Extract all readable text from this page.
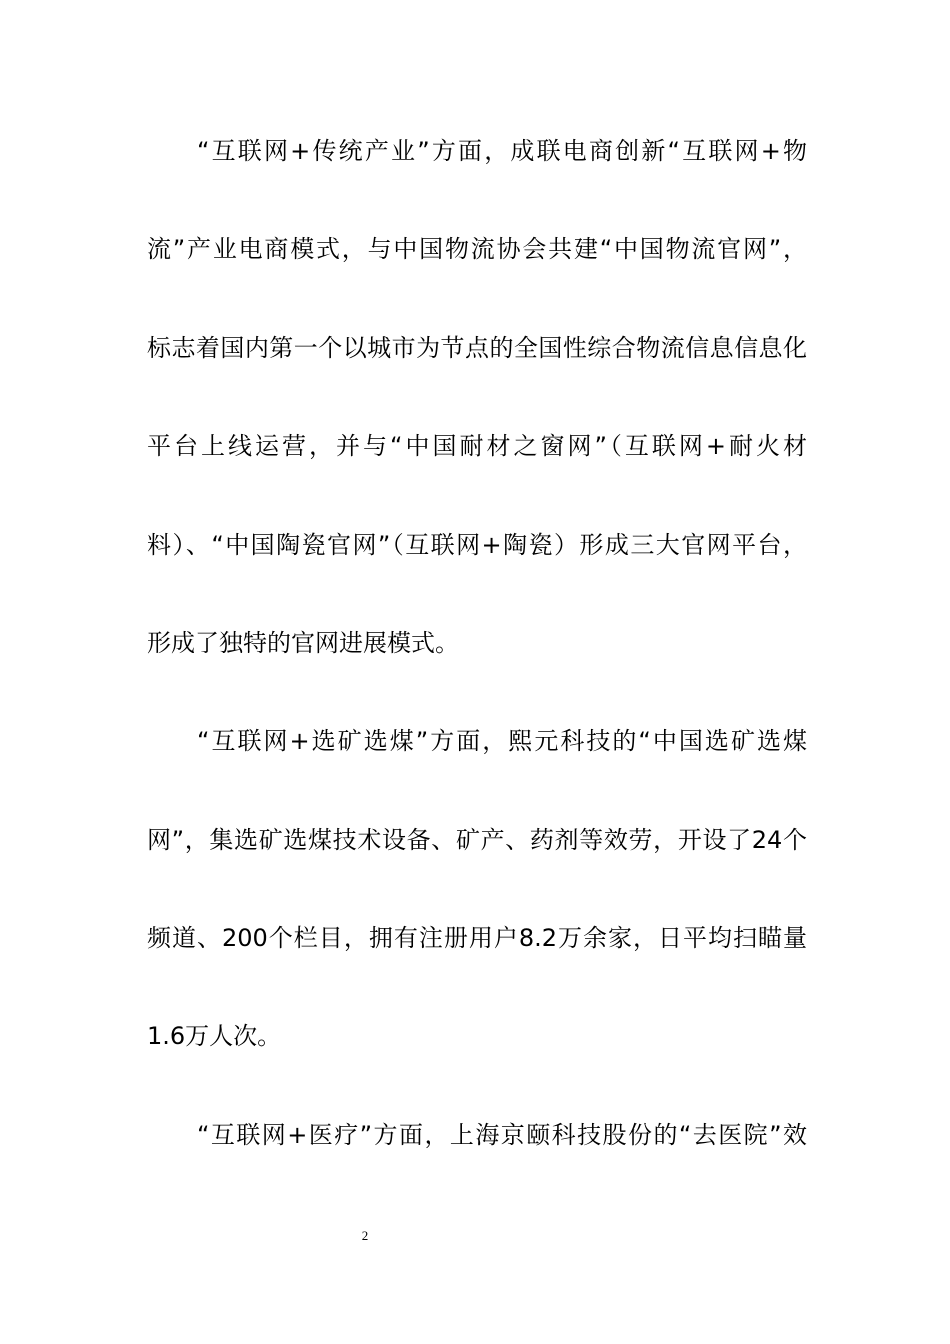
“互联网+传统产业”方面，成联电商创新“互联网+物
流”产业电商模式，与中国物流协会共建“中国物流官网”，
标志着国内第一个以城市为节点的全国性综合物流信息信息化
平台上线运营，并与“中国耐材之窗网”（互联网+耐火材
料）、“中国陶瓷官网”（互联网+陶瓷）形成三大官网平台，
形成了独特的官网进展模式。
“互联网+选矿选煤”方面，熙元科技的“中国选矿选煤
网”，集选矿选煤技术设备、矿产、药剂等效劳，开设了24个
频道、200个栏目，拥有注册用户8.2万余家，日平均扫瞄量
1.6万人次。
“互联网+医疗”方面，上海京颐科技股份的“去医院”效
2
